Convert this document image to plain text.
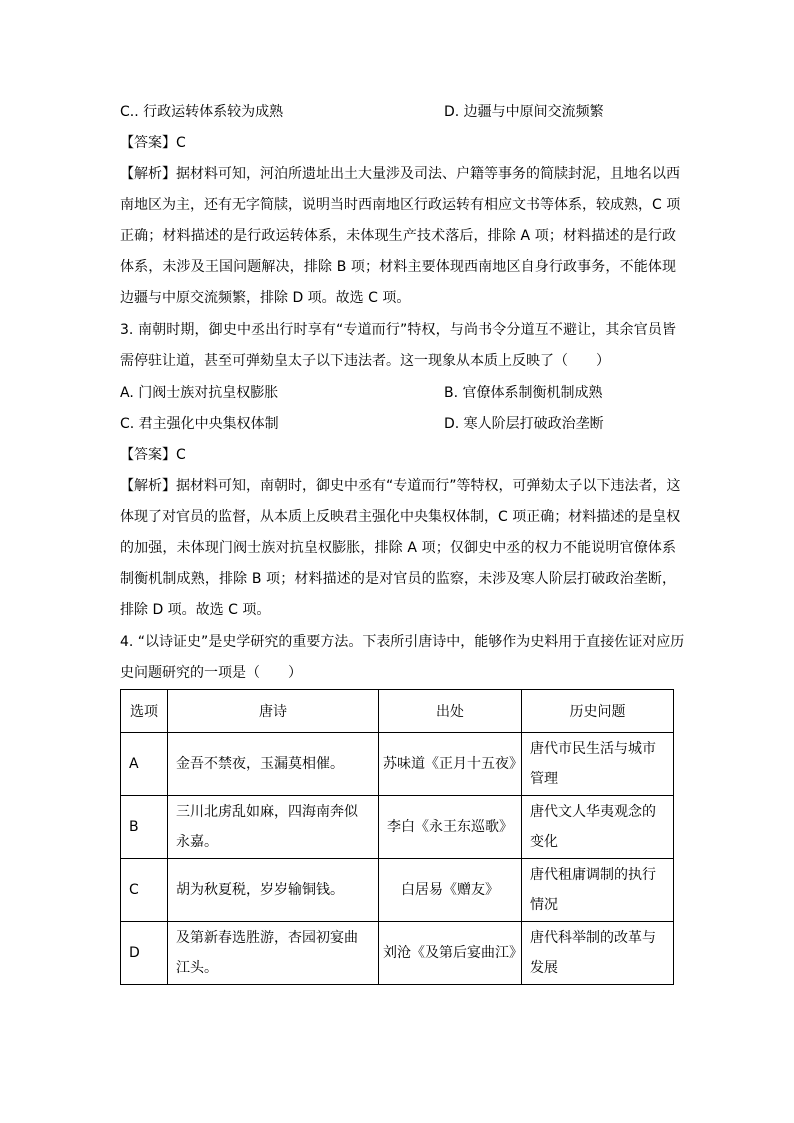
C.. 行政运转体系较为成熟	D. 边疆与中原间交流频繁
【答案】C
【解析】据材料可知，河泊所遗址出土大量涉及司法、户籍等事务的简牍封泥，且地名以西
南地区为主，还有无字简牍，说明当时西南地区行政运转有相应文书等体系，较成熟，C 项
正确；材料描述的是行政运转体系，未体现生产技术落后，排除 A 项；材料描述的是行政
体系，未涉及王国问题解决，排除 B 项；材料主要体现西南地区自身行政事务，不能体现
边疆与中原交流频繁，排除 D 项。故选 C 项。
3. 南朝时期，御史中丞出行时享有“专道而行”特权，与尚书令分道互不避让，其余官员皆
需停驻让道，甚至可弹劾皇太子以下违法者。这一现象从本质上反映了（　　）
A. 门阀士族对抗皇权膨胀	B. 官僚体系制衡机制成熟
C. 君主强化中央集权体制	D. 寒人阶层打破政治垄断
【答案】C
【解析】据材料可知，南朝时，御史中丞有“专道而行”等特权，可弹劾太子以下违法者，这
体现了对官员的监督，从本质上反映君主强化中央集权体制，C 项正确；材料描述的是皇权
的加强，未体现门阀士族对抗皇权膨胀，排除 A 项；仅御史中丞的权力不能说明官僚体系
制衡机制成熟，排除 B 项；材料描述的是对官员的监察，未涉及寒人阶层打破政治垄断，
排除 D 项。故选 C 项。
4. “以诗证史”是史学研究的重要方法。下表所引唐诗中，能够作为史料用于直接佐证对应历
史问题研究的一项是（　　）
选项	唐诗	出处	历史问题
A	金吾不禁夜，玉漏莫相催。	苏味道《正月十五夜》	唐代市民生活与城市管理
B	三川北虏乱如麻，四海南奔似永嘉。	李白《永王东巡歌》	唐代文人华夷观念的变化
C	胡为秋夏税，岁岁输铜钱。	白居易《赠友》	唐代租庸调制的执行情况
D	及第新春选胜游，杏园初宴曲江头。	刘沧《及第后宴曲江》	唐代科举制的改革与发展
